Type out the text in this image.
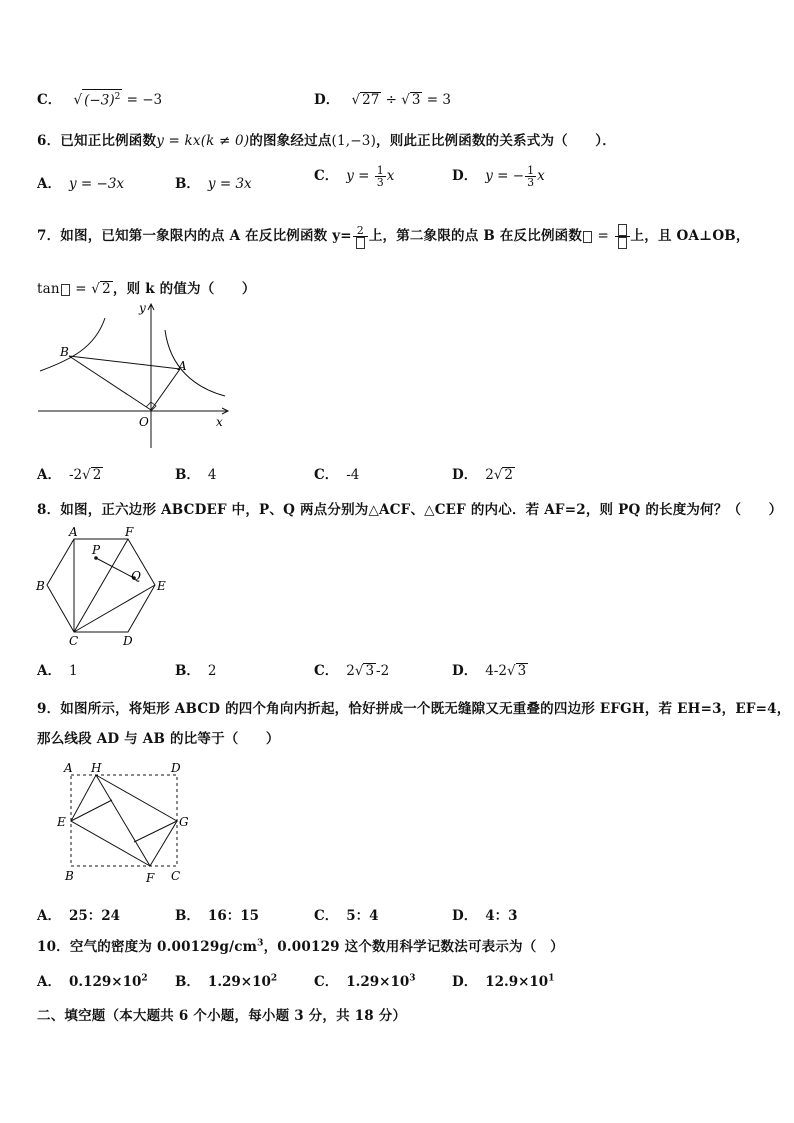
C． √ $(-3)^2 = -3$	D． √ 27 ÷ √ 3 = 3
6．已知正比例函数y = kx(k ≠ 0)的图象经过点(1,−3)，则此正比例函数的关系式为（　　）．
A． y = −3x	B． y = 3x	C． $y = \frac{1}{3}$ x	D． y = − $\frac{1}{3}$ x
7．如图，已知第一象限内的点 A 在反比例函数 y= 2 上，第二象限的点 B 在反比例函数 =
上，且 OA⊥OB，
tan = √ 2 ，则 k 的值为（　　）
B
A
O	x
y
A． -2√ 2	B． 4	C． -4	D． 2√ 2
8．如图，正六边形 ABCDEF 中，P、Q 两点分别为△ACF、△CEF 的内心．若 AF=2，则 PQ 的长度为何？（　　）
A	F
B	E
C	D
P
Q
A． 1	B． 2	C． 2√ 3 -2	D． 4-2√ 3
9．如图所示，将矩形 ABCD 的四个角向内折起，恰好拼成一个既无缝隙又无重叠的四边形 EFGH，若 EH=3，EF=4，
那么线段 AD 与 AB 的比等于（　　）
A H	D
E	G
B	F C
A． 25：24	B． 16：15	C． 5：4	D． 4：3
10．空气的密度为 $0.00129g/cm^3$，0.00129 这个数用科学记数法可表示为（　）
A． $0.129\times 10^2$ B． $1.29\times 10^2$	C． $1.29\times 10^3$	D． $12.9\times 10^1$
二、填空题（本大题共 6 个小题，每小题 3 分，共 18 分）
